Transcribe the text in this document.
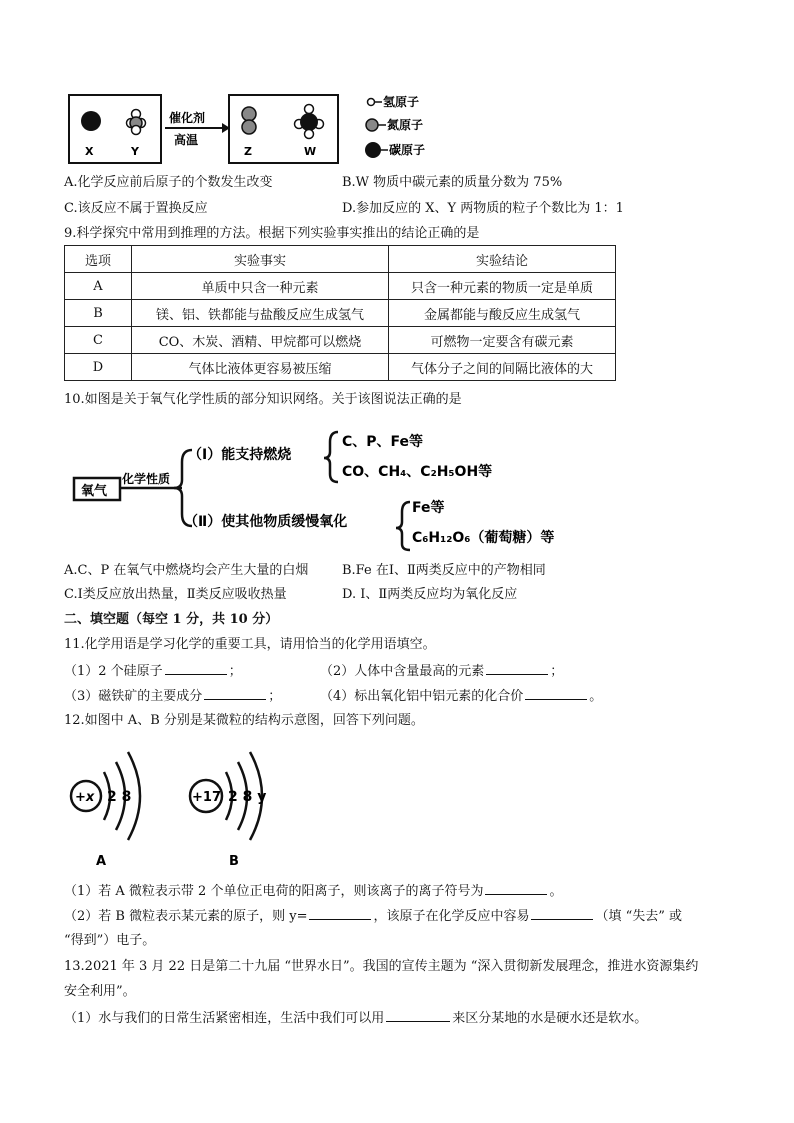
X	Y
催化剂
高温
Z	W
氢原子
氮原子
碳原子
A.化学反应前后原子的个数发生改变	B.W 物质中碳元素的质量分数为 75%
C.该反应不属于置换反应	D.参加反应的 X、Y 两物质的粒子个数比为 1：1
9.科学探究中常用到推理的方法。根据下列实验事实推出的结论正确的是
选项	实验事实	实验结论
A	单质中只含一种元素	只含一种元素的物质一定是单质
B	镁、铝、铁都能与盐酸反应生成氢气	金属都能与酸反应生成氢气
C	CO、木炭、酒精、甲烷都可以燃烧	可燃物一定要含有碳元素
D	气体比液体更容易被压缩	气体分子之间的间隔比液体的大
10.如图是关于氧气化学性质的部分知识网络。关于该图说法正确的是
氧气
化学性质
（Ⅰ）能支持燃烧
C、P、Fe等
CO、CH₄、C₂H₅OH等
（Ⅱ）使其他物质缓慢氧化
Fe等
C₆H₁₂O₆（葡萄糖）等
A.C、P 在氧气中燃烧均会产生大量的白烟	B.Fe 在Ⅰ、Ⅱ两类反应中的产物相同
C.Ⅰ类反应放出热量，Ⅱ类反应吸收热量	D. Ⅰ、Ⅱ两类反应均为氧化反应
二、填空题（每空 1 分，共 10 分）
11.化学用语是学习化学的重要工具，请用恰当的化学用语填空。
（1）2 个硅原子	；	（2）人体中含量最高的元素	；
（3）磁铁矿的主要成分	；	（4）标出氧化铝中铝元素的化合价	。
12.如图中 A、B 分别是某微粒的结构示意图，回答下列问题。
+x 2 8
A
+17 2 8 y
B
（1）若 A 微粒表示带 2 个单位正电荷的阳离子，则该离子的离子符号为	。
（2）若 B 微粒表示某元素的原子，则 y=	，该原子在化学反应中容易	（填 “失去” 或
“得到”）电子。
13.2021 年 3 月 22 日是第二十九届 “世界水日”。我国的宣传主题为 “深入贯彻新发展理念，推进水资源集约
安全利用”。
（1）水与我们的日常生活紧密相连，生活中我们可以用	来区分某地的水是硬水还是软水。
